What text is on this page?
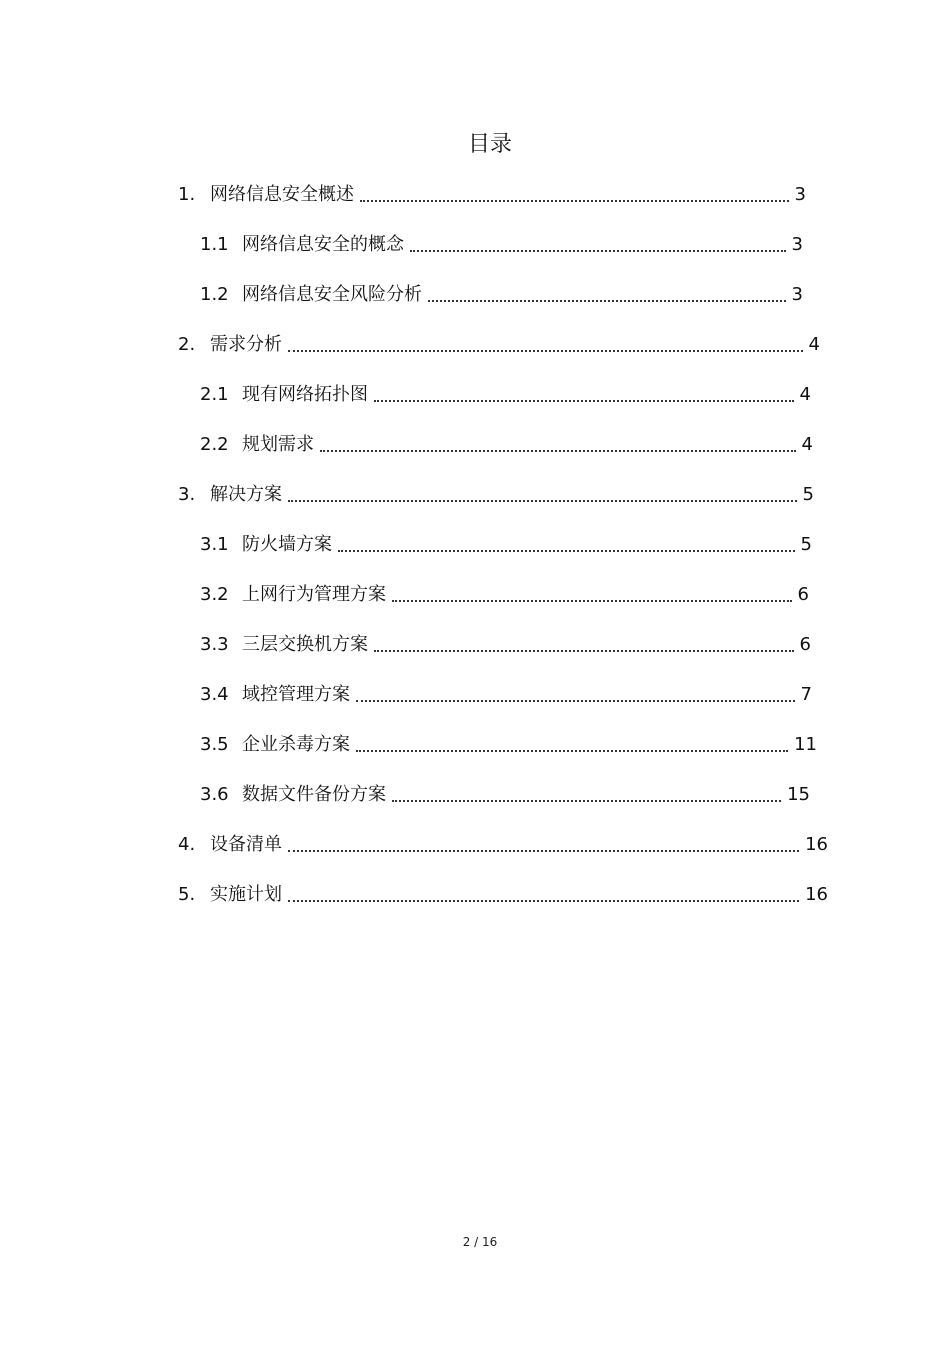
目录
1. 网络信息安全概述	3
1.1 网络信息安全的概念	3
1.2 网络信息安全风险分析	3
2. 需求分析	4
2.1 现有网络拓扑图	4
2.2 规划需求	4
3. 解决方案	5
3.1 防火墙方案	5
3.2 上网行为管理方案	6
3.3 三层交换机方案	6
3.4 域控管理方案	7
3.5 企业杀毒方案	11
3.6 数据文件备份方案	15
4. 设备清单	16
5. 实施计划	16
2 / 16
